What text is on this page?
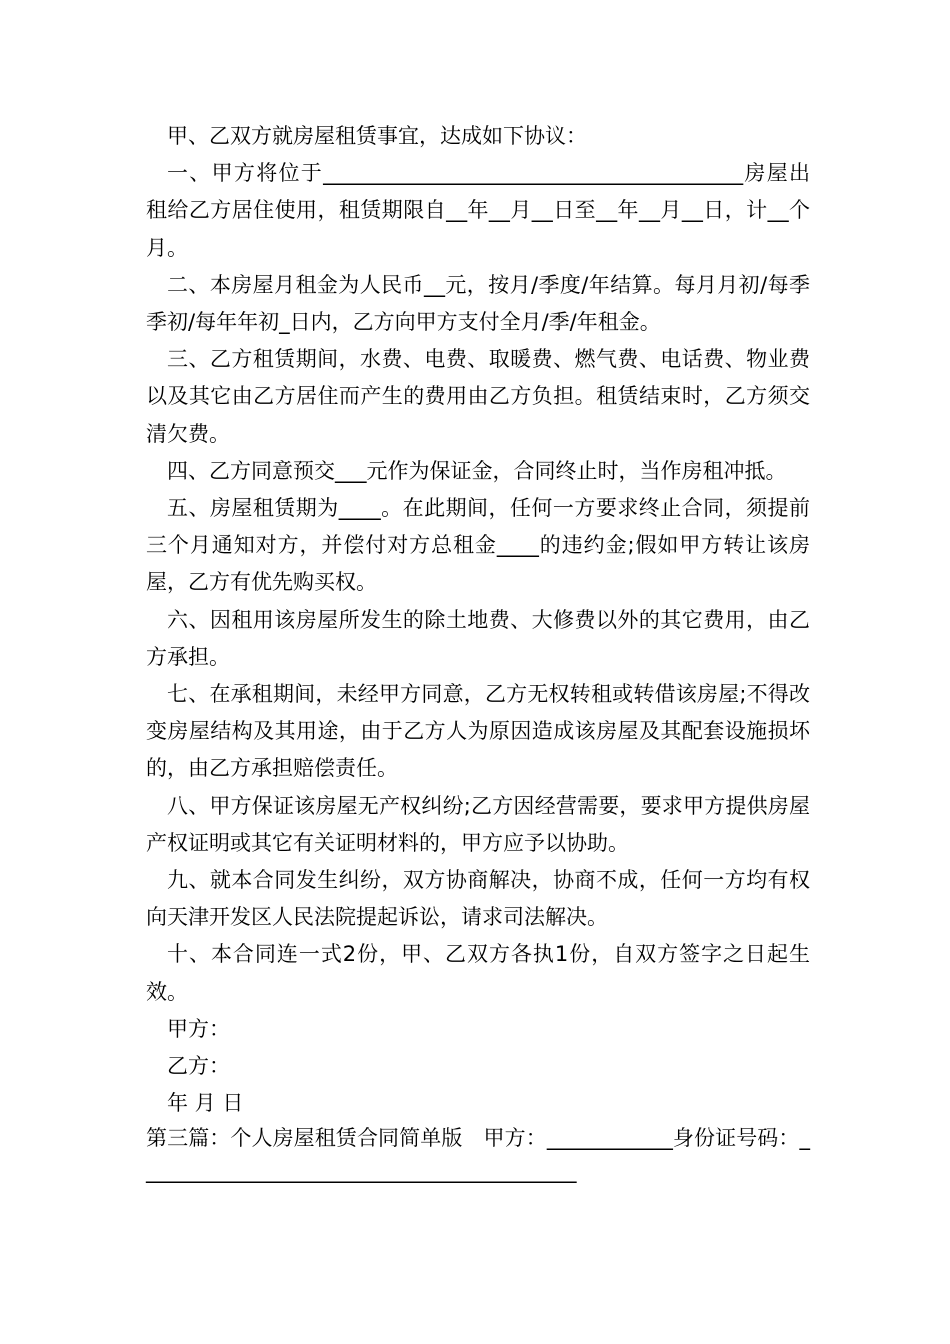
甲、乙双方就房屋租赁事宜，达成如下协议：

一、甲方将位于________________________________________房屋出租给乙方居住使用，租赁期限自__年__月__日至__年__月__日，计__个月。

二、本房屋月租金为人民币__元，按月/季度/年结算。每月月初/每季季初/每年年初_日内，乙方向甲方支付全月/季/年租金。

三、乙方租赁期间，水费、电费、取暖费、燃气费、电话费、物业费以及其它由乙方居住而产生的费用由乙方负担。租赁结束时，乙方须交清欠费。

四、乙方同意预交___元作为保证金，合同终止时，当作房租冲抵。

五、房屋租赁期为____。在此期间，任何一方要求终止合同，须提前三个月通知对方，并偿付对方总租金____的违约金;假如甲方转让该房屋，乙方有优先购买权。

六、因租用该房屋所发生的除土地费、大修费以外的其它费用，由乙方承担。

七、在承租期间，未经甲方同意，乙方无权转租或转借该房屋;不得改变房屋结构及其用途，由于乙方人为原因造成该房屋及其配套设施损坏的，由乙方承担赔偿责任。

八、甲方保证该房屋无产权纠纷;乙方因经营需要，要求甲方提供房屋产权证明或其它有关证明材料的，甲方应予以协助。

九、就本合同发生纠纷，双方协商解决，协商不成，任何一方均有权向天津开发区人民法院提起诉讼，请求司法解决。

十、本合同连一式2份，甲、乙双方各执1份，自双方签字之日起生效。

甲方：

乙方：

年 月 日

第三篇：个人房屋租赁合同简单版　甲方：____________身份证号码：__________________________________________
